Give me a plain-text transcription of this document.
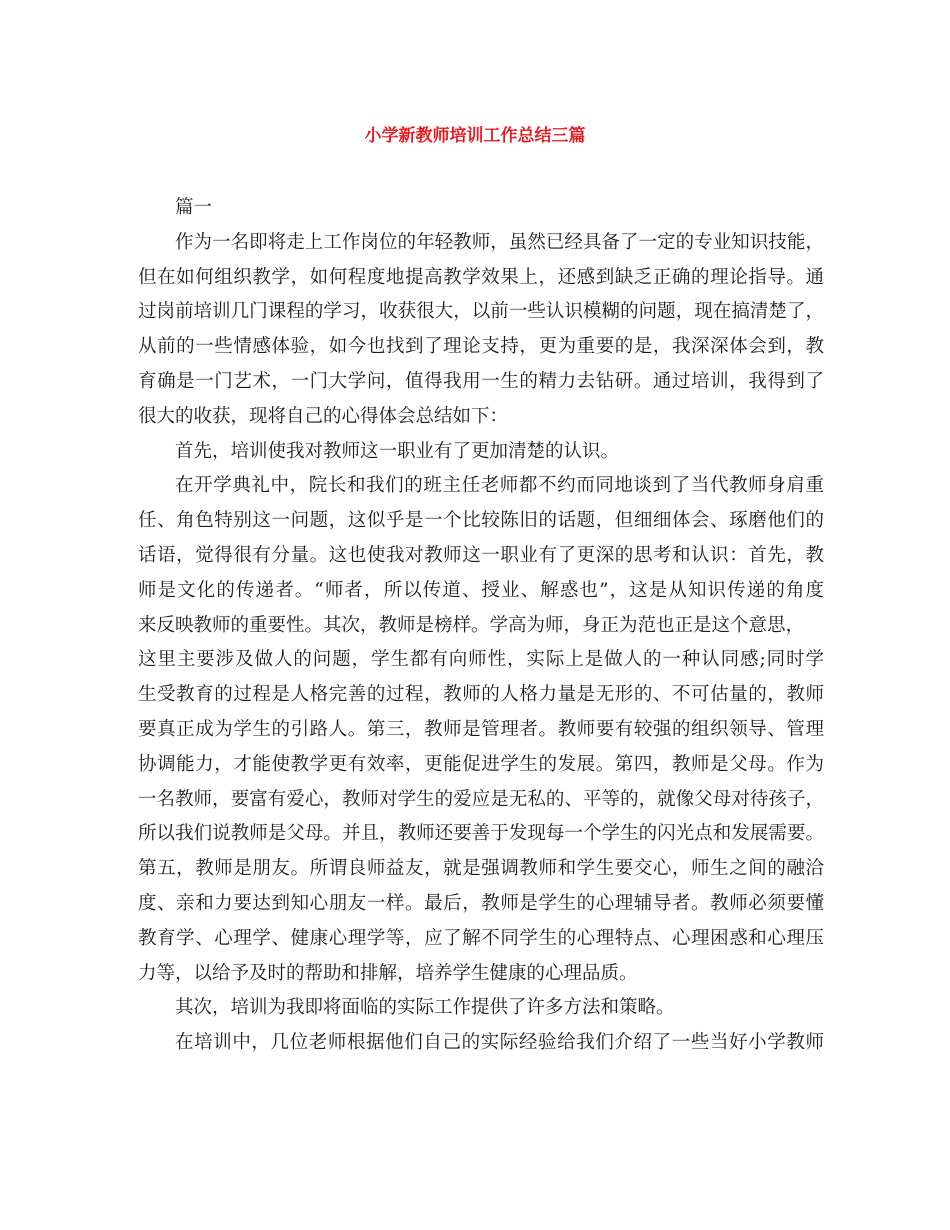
小学新教师培训工作总结三篇
篇一
作为一名即将走上工作岗位的年轻教师，虽然已经具备了一定的专业知识技能，
但在如何组织教学，如何程度地提高教学效果上，还感到缺乏正确的理论指导。通
过岗前培训几门课程的学习，收获很大，以前一些认识模糊的问题，现在搞清楚了，
从前的一些情感体验，如今也找到了理论支持，更为重要的是，我深深体会到，教
育确是一门艺术，一门大学问，值得我用一生的精力去钻研。通过培训，我得到了
很大的收获，现将自己的心得体会总结如下：
首先，培训使我对教师这一职业有了更加清楚的认识。
在开学典礼中，院长和我们的班主任老师都不约而同地谈到了当代教师身肩重
任、角色特别这一问题，这似乎是一个比较陈旧的话题，但细细体会、琢磨他们的
话语，觉得很有分量。这也使我对教师这一职业有了更深的思考和认识：首先，教
师是文化的传递者。“师者，所以传道、授业、解惑也”，这是从知识传递的角度
来反映教师的重要性。其次，教师是榜样。学高为师，身正为范也正是这个意思，
这里主要涉及做人的问题，学生都有向师性，实际上是做人的一种认同感;同时学
生受教育的过程是人格完善的过程，教师的人格力量是无形的、不可估量的，教师
要真正成为学生的引路人。第三，教师是管理者。教师要有较强的组织领导、管理
协调能力，才能使教学更有效率，更能促进学生的发展。第四，教师是父母。作为
一名教师，要富有爱心，教师对学生的爱应是无私的、平等的，就像父母对待孩子，
所以我们说教师是父母。并且，教师还要善于发现每一个学生的闪光点和发展需要。
第五，教师是朋友。所谓良师益友，就是强调教师和学生要交心，师生之间的融洽
度、亲和力要达到知心朋友一样。最后，教师是学生的心理辅导者。教师必须要懂
教育学、心理学、健康心理学等，应了解不同学生的心理特点、心理困惑和心理压
力等，以给予及时的帮助和排解，培养学生健康的心理品质。
其次，培训为我即将面临的实际工作提供了许多方法和策略。
在培训中，几位老师根据他们自己的实际经验给我们介绍了一些当好小学教师
